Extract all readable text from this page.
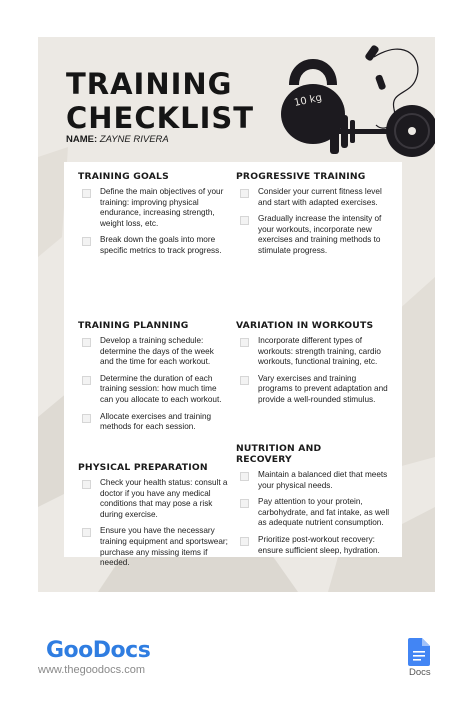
TRAINING
CHECKLIST
NAME: ZAYNE RIVERA
10 kg
TRAINING GOALS
Define the main objectives of your training: improving physical endurance, increasing strength, weight loss, etc.
Break down the goals into more specific metrics to track progress.
TRAINING PLANNING
Develop a training schedule: determine the days of the week and the time for each workout.
Determine the duration of each training session: how much time can you allocate to each workout.
Allocate exercises and training methods for each session.
PHYSICAL PREPARATION
Check your health status: consult a doctor if you have any medical conditions that may pose a risk during exercise.
Ensure you have the necessary training equipment and sportswear; purchase any missing items if needed.
PROGRESSIVE TRAINING
Consider your current fitness level and start with adapted exercises.
Gradually increase the intensity of your workouts, incorporate new exercises and training methods to stimulate progress.
VARIATION IN WORKOUTS
Incorporate different types of workouts: strength training, cardio workouts, functional training, etc.
Vary exercises and training programs to prevent adaptation and provide a well-rounded stimulus.
NUTRITION AND RECOVERY
Maintain a balanced diet that meets your physical needs.
Pay attention to your protein, carbohydrate, and fat intake, as well as adequate nutrient consumption.
Prioritize post-workout recovery: ensure sufficient sleep, hydration.
GooDocs
www.thegoodocs.com	Docs
